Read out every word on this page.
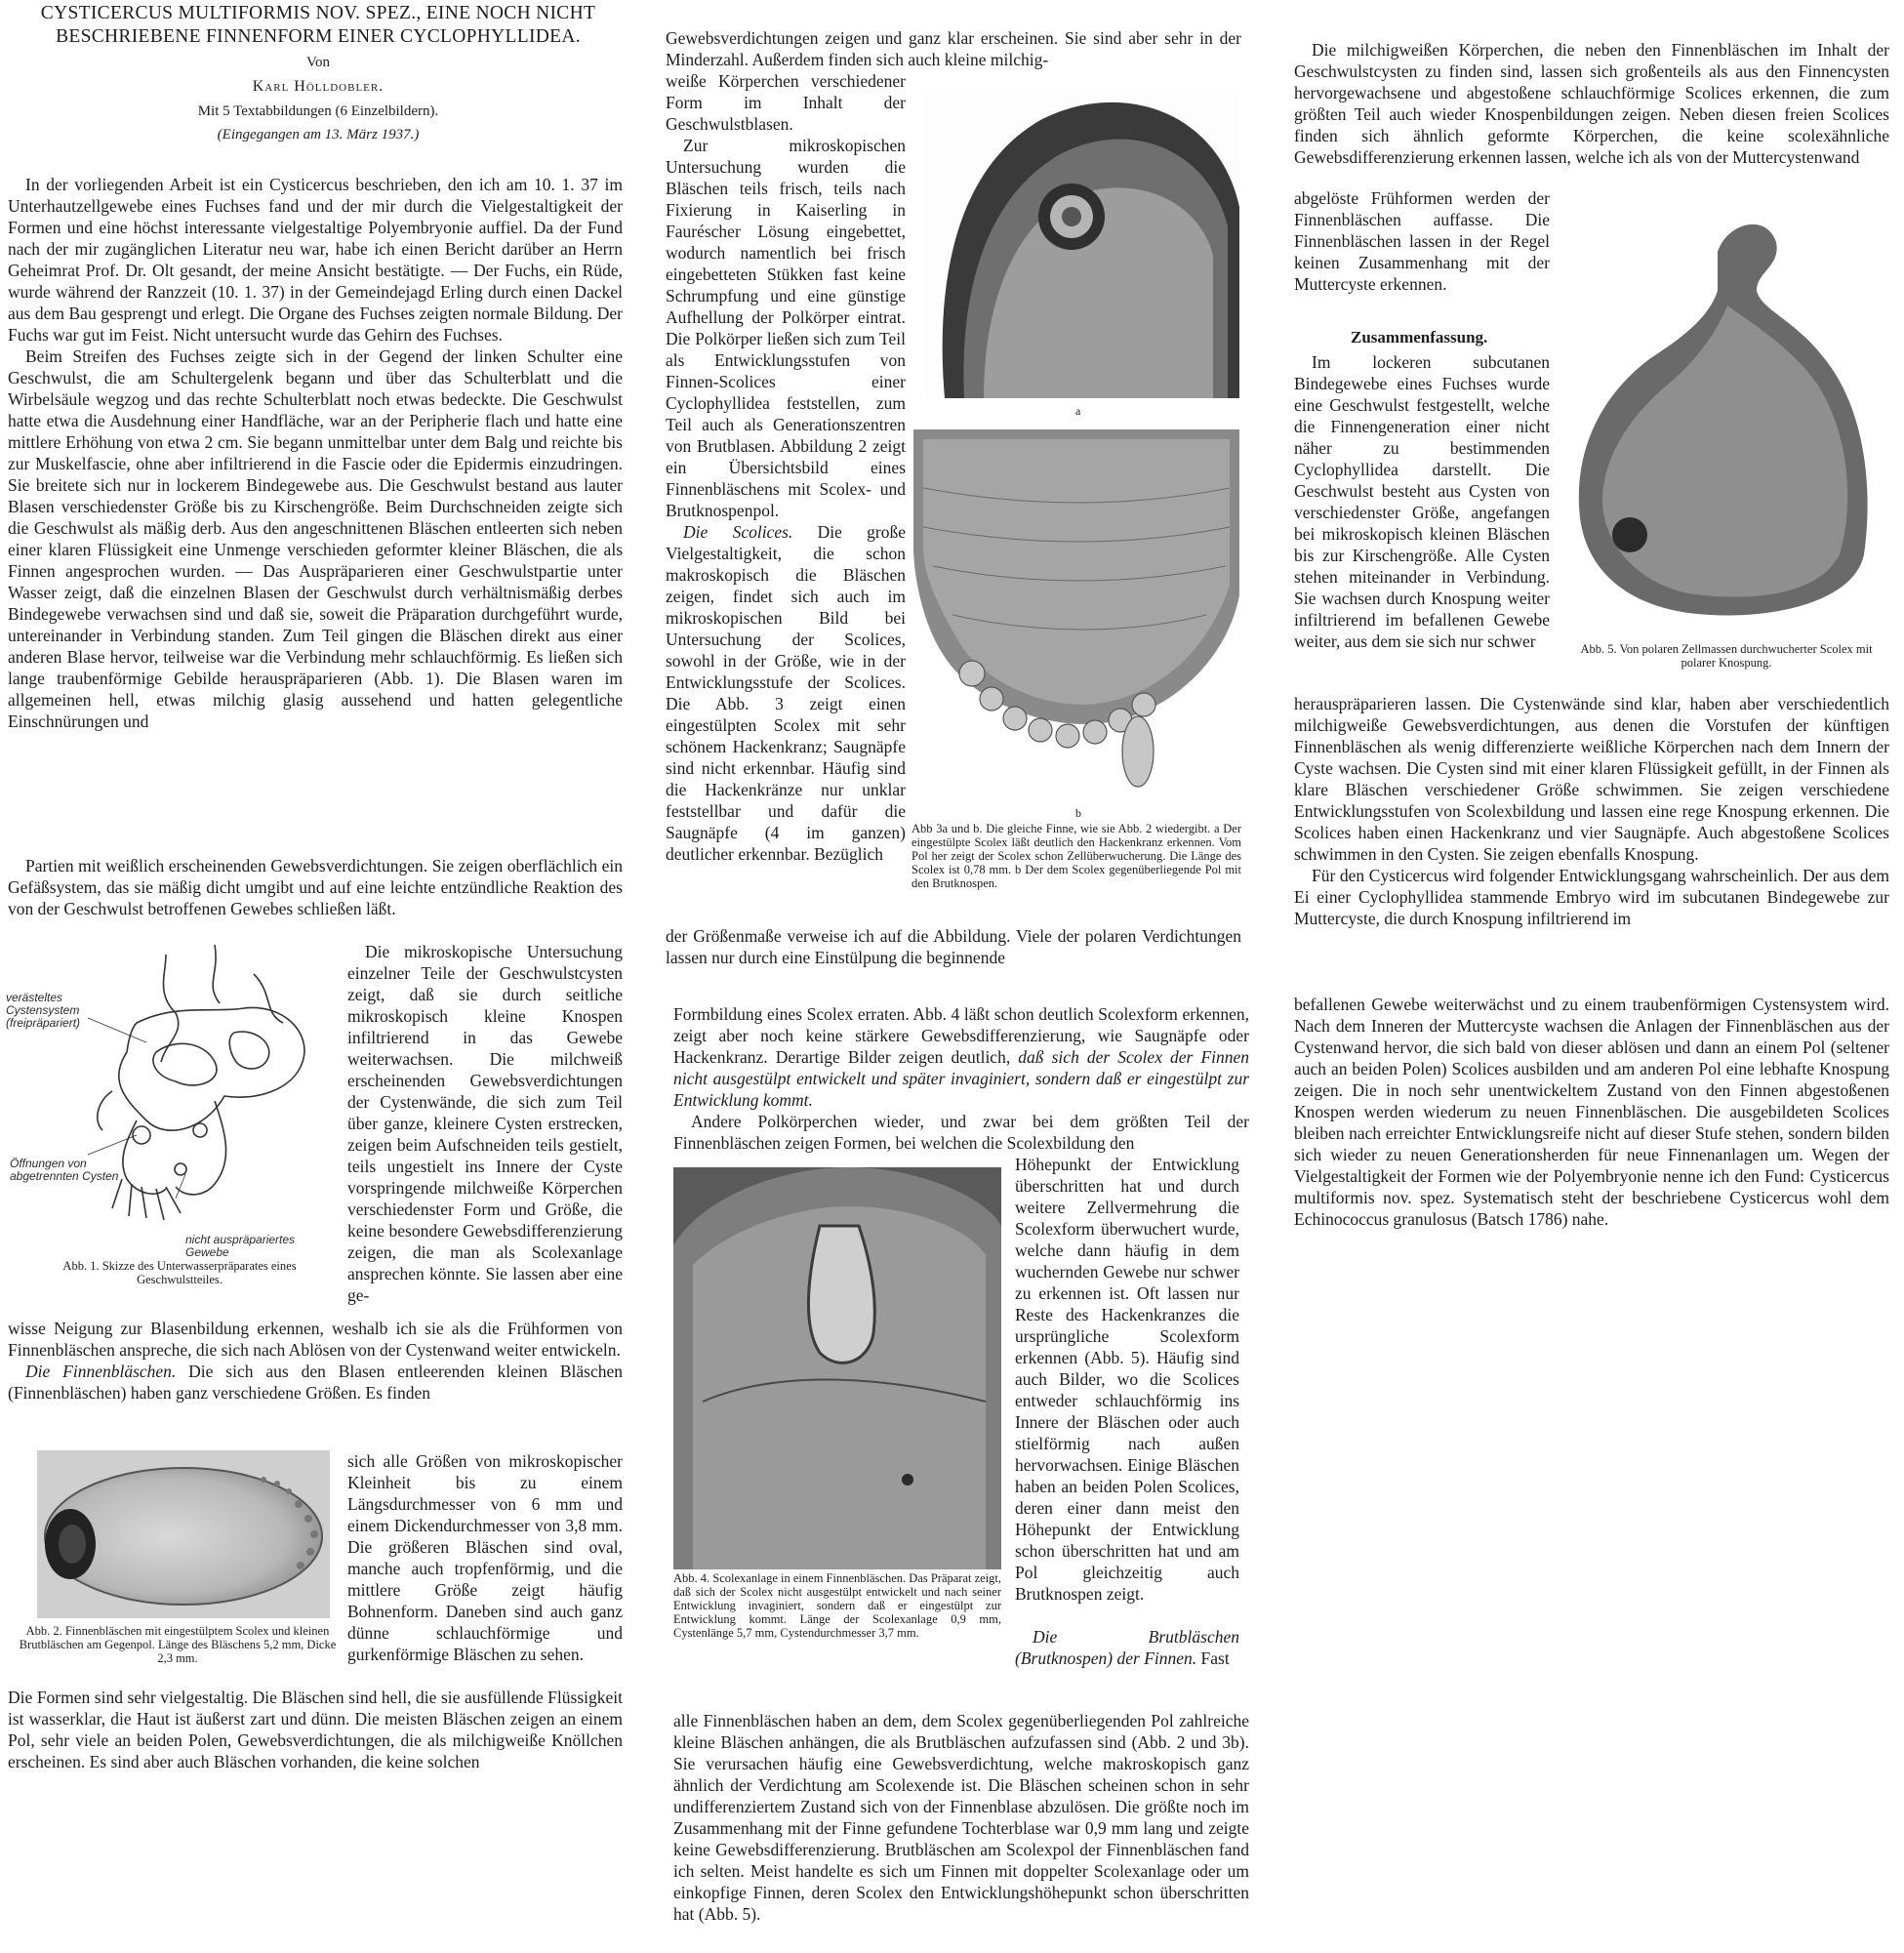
CYSTICERCUS MULTIFORMIS NOV. SPEZ., EINE NOCH NICHT
BESCHRIEBENE FINNENFORM EINER CYCLOPHYLLIDEA.
Von
Karl Hölldobler.
Mit 5 Textabbildungen (6 Einzelbildern).
(Eingegangen am 13. März 1937.)

In der vorliegenden Arbeit ist ein Cysticercus beschrieben, den ich am 10. 1. 37 im Unterhautzellgewebe eines Fuchses fand und der mir durch die Vielgestaltigkeit der Formen und eine höchst interessante vielgestaltige Polyembryonie auffiel. Da der Fund nach der mir zugänglichen Literatur neu war, habe ich einen Bericht darüber an Herrn Geheimrat Prof. Dr. Olt gesandt, der meine Ansicht bestätigte. — Der Fuchs, ein Rüde, wurde während der Ranzzeit (10. 1. 37) in der Gemeindejagd Erling durch einen Dackel aus dem Bau gesprengt und erlegt. Die Organe des Fuchses zeigten normale Bildung. Der Fuchs war gut im Feist. Nicht untersucht wurde das Gehirn des Fuchses.

Beim Streifen des Fuchses zeigte sich in der Gegend der linken Schulter eine Geschwulst, die am Schultergelenk begann und über das Schulterblatt und die Wirbelsäule wegzog und das rechte Schulterblatt noch etwas bedeckte. Die Geschwulst hatte etwa die Ausdehnung einer Handfläche, war an der Peripherie flach und hatte eine mittlere Erhöhung von etwa 2 cm. Sie begann unmittelbar unter dem Balg und reichte bis zur Muskelfascie, ohne aber infiltrierend in die Fascie oder die Epidermis einzudringen. Sie breitete sich nur in lockerem Bindegewebe aus. Die Geschwulst bestand aus lauter Blasen verschiedenster Größe bis zu Kirschengröße. Beim Durchschneiden zeigte sich die Geschwulst als mäßig derb. Aus den angeschnittenen Bläschen entleerten sich neben einer klaren Flüssigkeit eine Unmenge verschieden geformter kleiner Bläschen, die als Finnen angesprochen wurden. — Das Auspräparieren einer Geschwulstpartie unter Wasser zeigt, daß die einzelnen Blasen der Geschwulst durch verhältnismäßig derbes Bindegewebe verwachsen sind und daß sie, soweit die Präparation durchgeführt wurde, untereinander in Verbindung standen. Zum Teil gingen die Bläschen direkt aus einer anderen Blase hervor, teilweise war die Verbindung mehr schlauchförmig. Es ließen sich lange traubenförmige Gebilde herauspräparieren (Abb. 1). Die Blasen waren im allgemeinen hell, etwas milchig glasig aussehend und hatten gelegentliche Einschnürungen und

Partien mit weißlich erscheinenden Gewebsverdichtungen. Sie zeigen oberflächlich ein Gefäßsystem, das sie mäßig dicht umgibt und auf eine leichte entzündliche Reaktion des von der Geschwulst betroffenen Gewebes schließen läßt.

verästeltes Cystensystem (freipräpariert)
Öffnungen von abgetrennten Cysten
nicht auspräpariertes Gewebe
Abb. 1. Skizze des Unterwasserpräparates eines Geschwulstteiles.

Die mikroskopische Untersuchung einzelner Teile der Geschwulstcysten zeigt, daß sie durch seitliche mikroskopisch kleine Knospen infiltrierend in das Gewebe weiterwachsen. Die milchweiß erscheinenden Gewebsverdichtungen der Cystenwände, die sich zum Teil über ganze, kleinere Cysten erstrecken, zeigen beim Aufschneiden teils gestielt, teils ungestielt ins Innere der Cyste vorspringende milchweiße Körperchen verschiedenster Form und Größe, die keine besondere Gewebsdifferenzierung zeigen, die man als Scolexanlage ansprechen könnte. Sie lassen aber eine ge-

wisse Neigung zur Blasenbildung erkennen, weshalb ich sie als die Frühformen von Finnenbläschen anspreche, die sich nach Ablösen von der Cystenwand weiter entwickeln.

Die Finnenbläschen. Die sich aus den Blasen entleerenden kleinen Bläschen (Finnenbläschen) haben ganz verschiedene Größen. Es finden

Abb. 2. Finnenbläschen mit eingestülptem Scolex und kleinen Brutbläschen am Gegenpol. Länge des Bläschens 5,2 mm, Dicke 2,3 mm.

sich alle Größen von mikroskopischer Kleinheit bis zu einem Längsdurchmesser von 6 mm und einem Dickendurchmesser von 3,8 mm. Die größeren Bläschen sind oval, manche auch tropfenförmig, und die mittlere Größe zeigt häufig Bohnenform. Daneben sind auch ganz dünne schlauchförmige und gurkenförmige Bläschen zu sehen.

Die Formen sind sehr vielgestaltig. Die Bläschen sind hell, die sie ausfüllende Flüssigkeit ist wasserklar, die Haut ist äußerst zart und dünn. Die meisten Bläschen zeigen an einem Pol, sehr viele an beiden Polen, Gewebsverdichtungen, die als milchigweiße Knöllchen erscheinen. Es sind aber auch Bläschen vorhanden, die keine solchen

Gewebsverdichtungen zeigen und ganz klar erscheinen. Sie sind aber sehr in der Minderzahl. Außerdem finden sich auch kleine milchig-

weiße Körperchen verschiedener Form im Inhalt der Geschwulstblasen.

Zur mikroskopischen Untersuchung wurden die Bläschen teils frisch, teils nach Fixierung in Kaiserling in Fauréscher Lösung eingebettet, wodurch namentlich bei frisch eingebetteten Stükken fast keine Schrumpfung und eine günstige Aufhellung der Polkörper eintrat. Die Polkörper ließen sich zum Teil als Entwicklungsstufen von Finnen-Scolices einer Cyclophyllidea feststellen, zum Teil auch als Generationszentren von Brutblasen. Abbildung 2 zeigt ein Übersichtsbild eines Finnenbläschens mit Scolex- und Brutknospenpol.

Die Scolices. Die große Vielgestaltigkeit, die schon makroskopisch die Bläschen zeigen, findet sich auch im mikroskopischen Bild bei Untersuchung der Scolices, sowohl in der Größe, wie in der Entwicklungsstufe der Scolices. Die Abb. 3 zeigt einen eingestülpten Scolex mit sehr schönem Hackenkranz; Saugnäpfe sind nicht erkennbar. Häufig sind die Hackenkränze nur unklar feststellbar und dafür die Saugnäpfe (4 im ganzen) deutlicher erkennbar. Bezüglich

a
b
Abb 3a und b. Die gleiche Finne, wie sie Abb. 2 wiedergibt. a Der eingestülpte Scolex läßt deutlich den Hackenkranz erkennen. Vom Pol her zeigt der Scolex schon Zellüberwucherung. Die Länge des Scolex ist 0,78 mm. b Der dem Scolex gegenüberliegende Pol mit den Brutknospen.

der Größenmaße verweise ich auf die Abbildung. Viele der polaren Verdichtungen lassen nur durch eine Einstülpung die beginnende

Formbildung eines Scolex erraten. Abb. 4 läßt schon deutlich Scolexform erkennen, zeigt aber noch keine stärkere Gewebsdifferenzierung, wie Saugnäpfe oder Hackenkranz. Derartige Bilder zeigen deutlich, daß sich der Scolex der Finnen nicht ausgestülpt entwickelt und später invaginiert, sondern daß er eingestülpt zur Entwicklung kommt.

Andere Polkörperchen wieder, und zwar bei dem größten Teil der Finnenbläschen zeigen Formen, bei welchen die Scolexbildung den

Abb. 4. Scolexanlage in einem Finnenbläschen. Das Präparat zeigt, daß sich der Scolex nicht ausgestülpt entwickelt und nach seiner Entwicklung invaginiert, sondern daß er eingestülpt zur Entwicklung kommt. Länge der Scolexanlage 0,9 mm, Cystenlänge 5,7 mm, Cystendurchmesser 3,7 mm.

Höhepunkt der Entwicklung überschritten hat und durch weitere Zellvermehrung die Scolexform überwuchert wurde, welche dann häufig in dem wuchernden Gewebe nur schwer zu erkennen ist. Oft lassen nur Reste des Hackenkranzes die ursprüngliche Scolexform erkennen (Abb. 5). Häufig sind auch Bilder, wo die Scolices entweder schlauchförmig ins Innere der Bläschen oder auch stielförmig nach außen hervorwachsen. Einige Bläschen haben an beiden Polen Scolices, deren einer dann meist den Höhepunkt der Entwicklung schon überschritten hat und am Pol gleichzeitig auch Brutknospen zeigt.

Die Brutbläschen (Brutknospen) der Finnen. Fast

alle Finnenbläschen haben an dem, dem Scolex gegenüberliegenden Pol zahlreiche kleine Bläschen anhängen, die als Brutbläschen aufzufassen sind (Abb. 2 und 3b). Sie verursachen häufig eine Gewebsverdichtung, welche makroskopisch ganz ähnlich der Verdichtung am Scolexende ist. Die Bläschen scheinen schon in sehr undifferenziertem Zustand sich von der Finnenblase abzulösen. Die größte noch im Zusammenhang mit der Finne gefundene Tochterblase war 0,9 mm lang und zeigte keine Gewebsdifferenzierung. Brutbläschen am Scolexpol der Finnenbläschen fand ich selten. Meist handelte es sich um Finnen mit doppelter Scolexanlage oder um einkopfige Finnen, deren Scolex den Entwicklungshöhepunkt schon überschritten hat (Abb. 5).

Die milchigweißen Körperchen, die neben den Finnenbläschen im Inhalt der Geschwulstcysten zu finden sind, lassen sich großenteils als aus den Finnencysten hervorgewachsene und abgestoßene schlauchförmige Scolices erkennen, die zum größten Teil auch wieder Knospenbildungen zeigen. Neben diesen freien Scolices finden sich ähnlich geformte Körperchen, die keine scolexähnliche Gewebsdifferenzierung erkennen lassen, welche ich als von der Muttercystenwand

abgelöste Frühformen werden der Finnenbläschen auffasse. Die Finnenbläschen lassen in der Regel keinen Zusammenhang mit der Muttercyste erkennen.

Zusammenfassung.

Im lockeren subcutanen Bindegewebe eines Fuchses wurde eine Geschwulst festgestellt, welche die Finnengeneration einer nicht näher zu bestimmenden Cyclophyllidea darstellt. Die Geschwulst besteht aus Cysten von verschiedenster Größe, angefangen bei mikroskopisch kleinen Bläschen bis zur Kirschengröße. Alle Cysten stehen miteinander in Verbindung. Sie wachsen durch Knospung weiter infiltrierend im befallenen Gewebe weiter, aus dem sie sich nur schwer	Abb. 5. Von polaren Zellmassen durchwucherter Scolex mit polarer Knospung.

herauspräparieren lassen. Die Cystenwände sind klar, haben aber verschiedentlich milchigweiße Gewebsverdichtungen, aus denen die Vorstufen der künftigen Finnenbläschen als wenig differenzierte weißliche Körperchen nach dem Innern der Cyste wachsen. Die Cysten sind mit einer klaren Flüssigkeit gefüllt, in der Finnen als klare Bläschen verschiedener Größe schwimmen. Sie zeigen verschiedene Entwicklungsstufen von Scolexbildung und lassen eine rege Knospung erkennen. Die Scolices haben einen Hackenkranz und vier Saugnäpfe. Auch abgestoßene Scolices schwimmen in den Cysten. Sie zeigen ebenfalls Knospung.

Für den Cysticercus wird folgender Entwicklungsgang wahrscheinlich. Der aus dem Ei einer Cyclophyllidea stammende Embryo wird im subcutanen Bindegewebe zur Muttercyste, die durch Knospung infiltrierend im

befallenen Gewebe weiterwächst und zu einem traubenförmigen Cystensystem wird. Nach dem Inneren der Muttercyste wachsen die Anlagen der Finnenbläschen aus der Cystenwand hervor, die sich bald von dieser ablösen und dann an einem Pol (seltener auch an beiden Polen) Scolices ausbilden und am anderen Pol eine lebhafte Knospung zeigen. Die in noch sehr unentwickeltem Zustand von den Finnen abgestoßenen Knospen werden wiederum zu neuen Finnenbläschen. Die ausgebildeten Scolices bleiben nach erreichter Entwicklungsreife nicht auf dieser Stufe stehen, sondern bilden sich wieder zu neuen Generationsherden für neue Finnenanlagen um. Wegen der Vielgestaltigkeit der Formen wie der Polyembryonie nenne ich den Fund: Cysticercus multiformis nov. spez. Systematisch steht der beschriebene Cysticercus wohl dem Echinococcus granulosus (Batsch 1786) nahe.
